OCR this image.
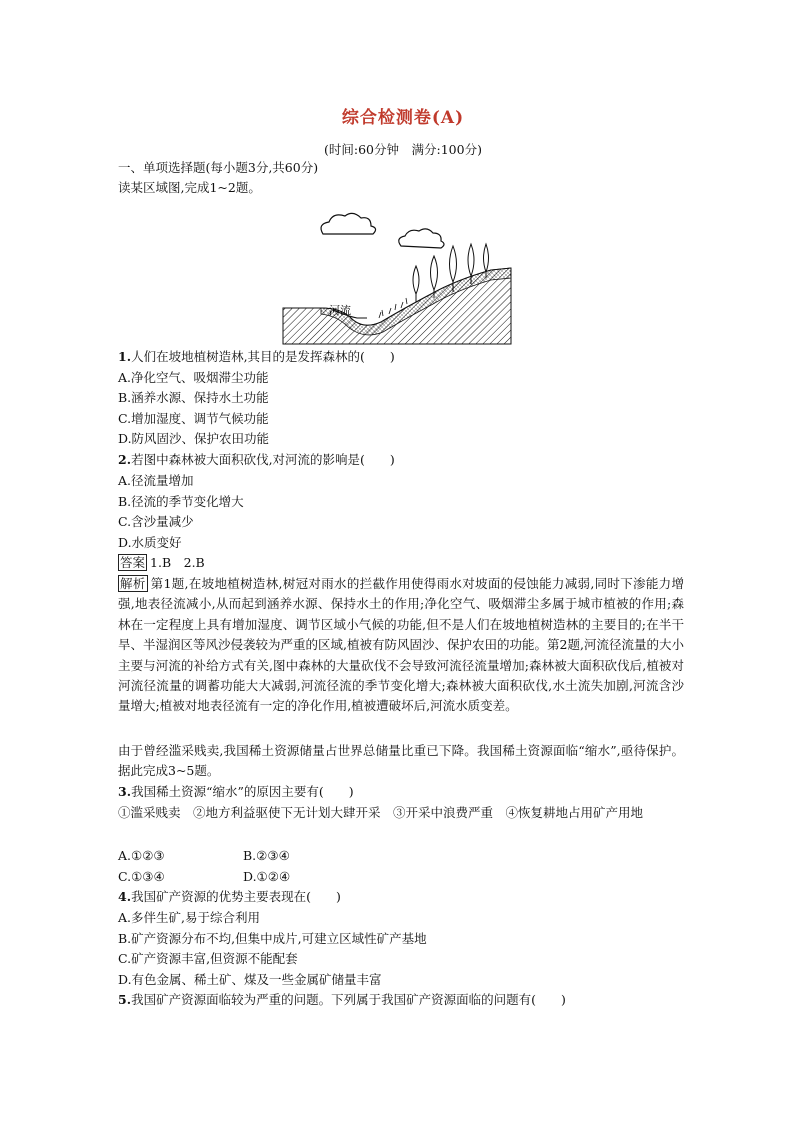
综合检测卷(A)
(时间:60分钟　满分:100分)
一、单项选择题(每小题3分,共60分)
读某区域图,完成1~2题。
河流
1.人们在坡地植树造林,其目的是发挥森林的(　　)
A.净化空气、吸烟滞尘功能
B.涵养水源、保持水土功能
C.增加湿度、调节气候功能
D.防风固沙、保护农田功能
2.若图中森林被大面积砍伐,对河流的影响是(　　)
A.径流量增加
B.径流的季节变化增大
C.含沙量减少
D.水质变好
答案 1.B　2.B
解析 第1题,在坡地植树造林,树冠对雨水的拦截作用使得雨水对坡面的侵蚀能力减弱,同时下渗能力增强,地表径流减小,从而起到涵养水源、保持水土的作用;净化空气、吸烟滞尘多属于城市植被的作用;森林在一定程度上具有增加湿度、调节区域小气候的功能,但不是人们在坡地植树造林的主要目的;在半干旱、半湿润区等风沙侵袭较为严重的区域,植被有防风固沙、保护农田的功能。第2题,河流径流量的大小主要与河流的补给方式有关,图中森林的大量砍伐不会导致河流径流量增加;森林被大面积砍伐后,植被对河流径流量的调蓄功能大大减弱,河流径流的季节变化增大;森林被大面积砍伐,水土流失加剧,河流含沙量增大;植被对地表径流有一定的净化作用,植被遭破坏后,河流水质变差。
由于曾经滥采贱卖,我国稀土资源储量占世界总储量比重已下降。我国稀土资源面临“缩水”,亟待保护。据此完成3~5题。
3.我国稀土资源“缩水”的原因主要有(　　)
①滥采贱卖　②地方利益驱使下无计划大肆开采　③开采中浪费严重　④恢复耕地占用矿产用地
A.①②③	B.②③④
C.①③④	D.①②④
4.我国矿产资源的优势主要表现在(　　)
A.多伴生矿,易于综合利用
B.矿产资源分布不均,但集中成片,可建立区域性矿产基地
C.矿产资源丰富,但资源不能配套
D.有色金属、稀土矿、煤及一些金属矿储量丰富
5.我国矿产资源面临较为严重的问题。下列属于我国矿产资源面临的问题有(　　)
